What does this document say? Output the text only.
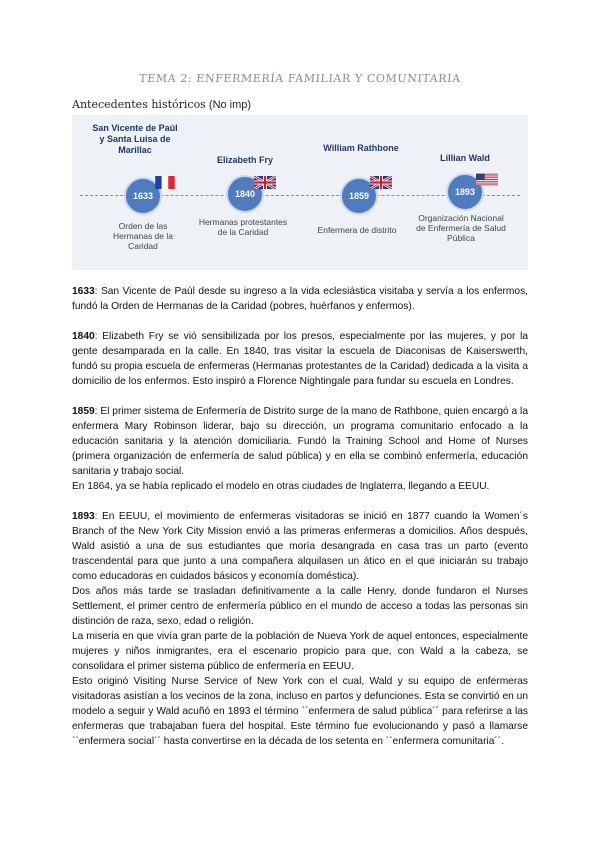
TEMA 2: ENFERMERÍA FAMILIAR Y COMUNITARIA
Antecedentes históricos (No imp)
San Vicente de Paúl y Santa Luisa de Marillac
1633
Orden de las Hermanas de la Caridad
Elizabeth Fry
1840
Hermanas protestantes de la Caridad
William Rathbone
1859
Enfermera de distrito
Lillian Wald
1893
Organización Nacional de Enfermería de Salud Pública

1633: San Vicente de Paúl desde su ingreso a la vida eclesiástica visitaba y servía a los enfermos, fundó la Orden de Hermanas de la Caridad (pobres, huérfanos y enfermos).

1840: Elizabeth Fry se vió sensibilizada por los presos, especialmente por las mujeres, y por la gente desamparada en la calle. En 1840, tras visitar la escuela de Diaconisas de Kaiserswerth, fundó su propia escuela de enfermeras (Hermanas protestantes de la Caridad) dedicada a la visita a domicilio de los enfermos. Esto inspiró a Florence Nightingale para fundar su escuela en Londres.

1859: El primer sistema de Enfermería de Distrito surge de la mano de Rathbone, quien encargó a la enfermera Mary Robinson liderar, bajo su dirección, un programa comunitario enfocado a la educación sanitaria y la atención domiciliaria. Fundó la Training School and Home of Nurses (primera organización de enfermería de salud pública) y en ella se combinó enfermería, educación sanitaria y trabajo social.

En 1864, ya se había replicado el modelo en otras ciudades de Inglaterra, llegando a EEUU.

1893: En EEUU, el movimiento de enfermeras visitadoras se inició en 1877 cuando la Women´s Branch of the New York City Mission envió a las primeras enfermeras a domicilios. Años después, Wald asistió a una de sus estudiantes que moría desangrada en casa tras un parto (evento trascendental para que junto a una compañera alquilasen un ático en el que iniciarán su trabajo como educadoras en cuidados básicos y economía doméstica).

Dos años más tarde se trasladan definitivamente a la calle Henry, donde fundaron el Nurses Settlement, el primer centro de enfermería público en el mundo de acceso a todas las personas sin distinción de raza, sexo, edad o religión.

La miseria en que vivía gran parte de la población de Nueva York de aquel entonces, especialmente mujeres y niños inmigrantes, era el escenario propicio para que, con Wald a la cabeza, se consolidara el primer sistema público de enfermería en EEUU.

Esto originó Visiting Nurse Service of New York con el cual, Wald y su equipo de enfermeras visitadoras asistían a los vecinos de la zona, incluso en partos y defunciones. Esta se convirtió en un modelo a seguir y Wald acuñó en 1893 el término ``enfermera de salud pública´´ para referirse a las enfermeras que trabajaban fuera del hospital. Este término fue evolucionando y pasó a llamarse ``enfermera social´´ hasta convertirse en la década de los setenta en ``enfermera comunitaria´´.
